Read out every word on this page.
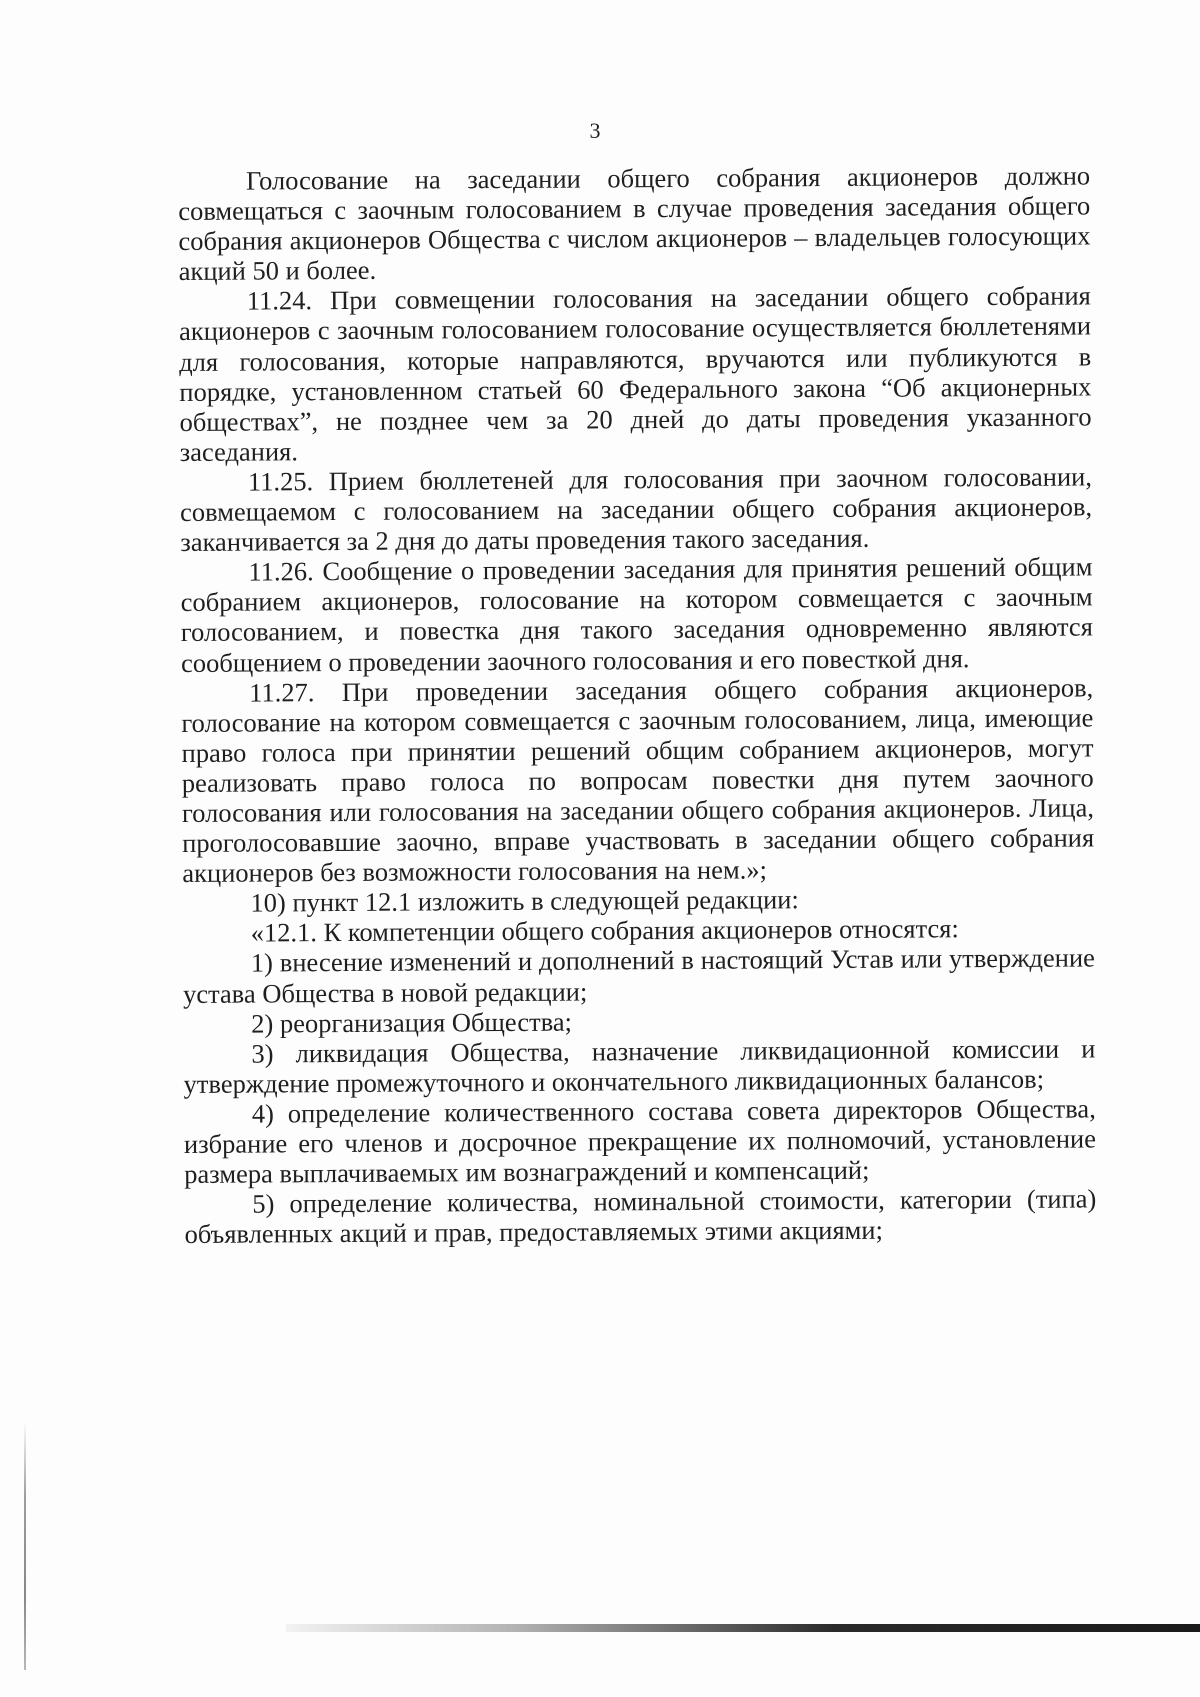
3

Голосование на заседании общего собрания акционеров должно совмещаться с заочным голосованием в случае проведения заседания общего собрания акционеров Общества с числом акционеров – владельцев голосующих акций 50 и более.

11.24. При совмещении голосования на заседании общего собрания акционеров с заочным голосованием голосование осуществляется бюллетенями для голосования, которые направляются, вручаются или публикуются в порядке, установленном статьей 60 Федерального закона “Об акционерных обществах”, не позднее чем за 20 дней до даты проведения указанного заседания.

11.25. Прием бюллетеней для голосования при заочном голосовании, совмещаемом с голосованием на заседании общего собрания акционеров, заканчивается за 2 дня до даты проведения такого заседания.

11.26. Сообщение о проведении заседания для принятия решений общим собранием акционеров, голосование на котором совмещается с заочным голосованием, и повестка дня такого заседания одновременно являются сообщением о проведении заочного голосования и его повесткой дня.

11.27. При проведении заседания общего собрания акционеров, голосование на котором совмещается с заочным голосованием, лица, имеющие право голоса при принятии решений общим собранием акционеров, могут реализовать право голоса по вопросам повестки дня путем заочного голосования или голосования на заседании общего собрания акционеров. Лица, проголосовавшие заочно, вправе участвовать в заседании общего собрания акционеров без возможности голосования на нем.»;

10) пункт 12.1 изложить в следующей редакции:

«12.1. К компетенции общего собрания акционеров относятся:

1) внесение изменений и дополнений в настоящий Устав или утверждение устава Общества в новой редакции;

2) реорганизация Общества;

3) ликвидация Общества, назначение ликвидационной комиссии и утверждение промежуточного и окончательного ликвидационных балансов;

4) определение количественного состава совета директоров Общества, избрание его членов и досрочное прекращение их полномочий, установление размера выплачиваемых им вознаграждений и компенсаций;

5) определение количества, номинальной стоимости, категории (типа) объявленных акций и прав, предоставляемых этими акциями;
